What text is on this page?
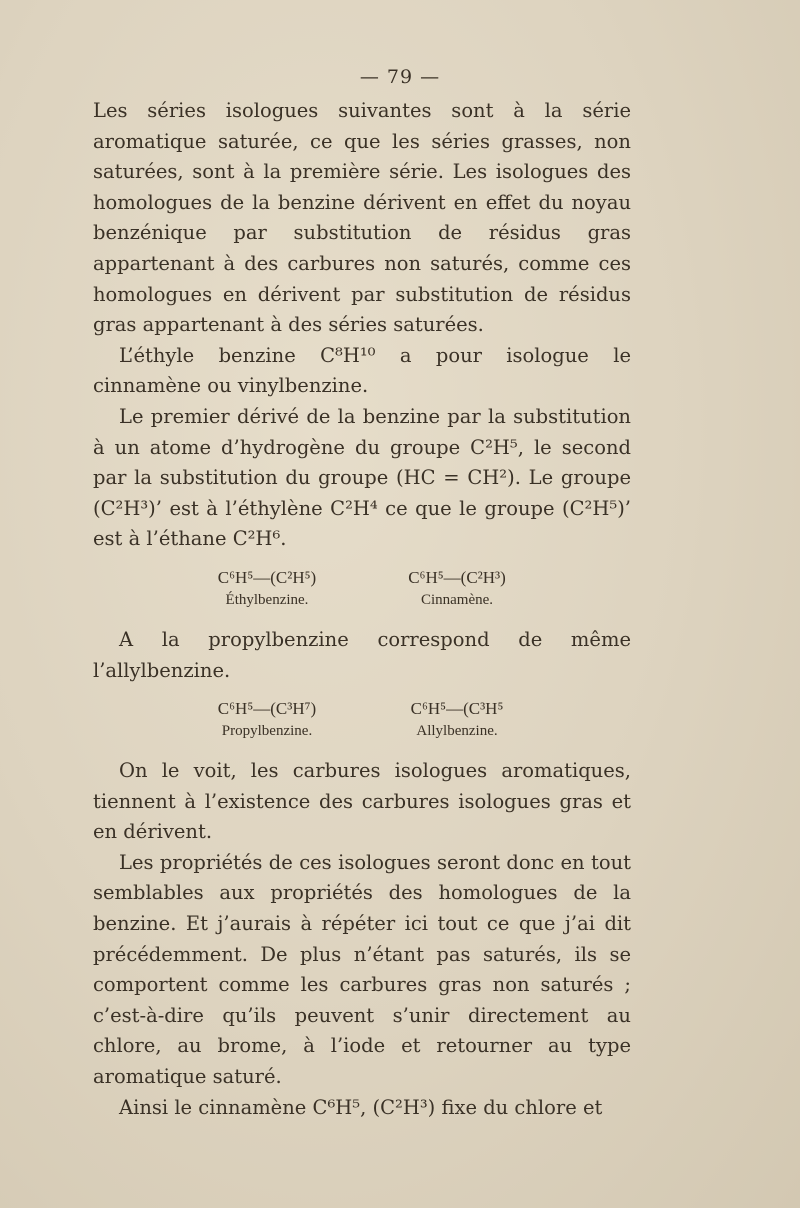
— 79 —

Les séries isologues suivantes sont à la série aromatique saturée, ce que les séries grasses, non saturées, sont à la première série. Les isologues des homologues de la benzine dérivent en effet du noyau benzénique par substitution de résidus gras appartenant à des carbures non saturés, comme ces homologues en dérivent par substitution de résidus gras appartenant à des séries saturées.

L’éthyle benzine C⁸H¹⁰ a pour isologue le cinnamène ou vinylbenzine.

Le premier dérivé de la benzine par la substitution à un atome d’hydrogène du groupe C²H⁵, le second par la substitution du groupe (HC = CH²). Le groupe (C²H³)’ est à l’éthylène C²H⁴ ce que le groupe (C²H⁵)’ est à l’éthane C²H⁶.

C⁶H⁵—(C²H⁵)
Éthylbenzine.
C⁶H⁵—(C²H³)
Cinnamène.

A la propylbenzine correspond de même l’allylbenzine.

C⁶H⁵—(C³H⁷)
Propylbenzine.
C⁶H⁵—(C³H⁵
Allylbenzine.

On le voit, les carbures isologues aromatiques, tiennent à l’existence des carbures isologues gras et en dérivent.

Les propriétés de ces isologues seront donc en tout semblables aux propriétés des homologues de la benzine. Et j’aurais à répéter ici tout ce que j’ai dit précédemment. De plus n’étant pas saturés, ils se comportent comme les carbures gras non saturés ; c’est-à-dire qu’ils peuvent s’unir directement au chlore, au brome, à l’iode et retourner au type aromatique saturé.

Ainsi le cinnamène C⁶H⁵, (C²H³) fixe du chlore et
